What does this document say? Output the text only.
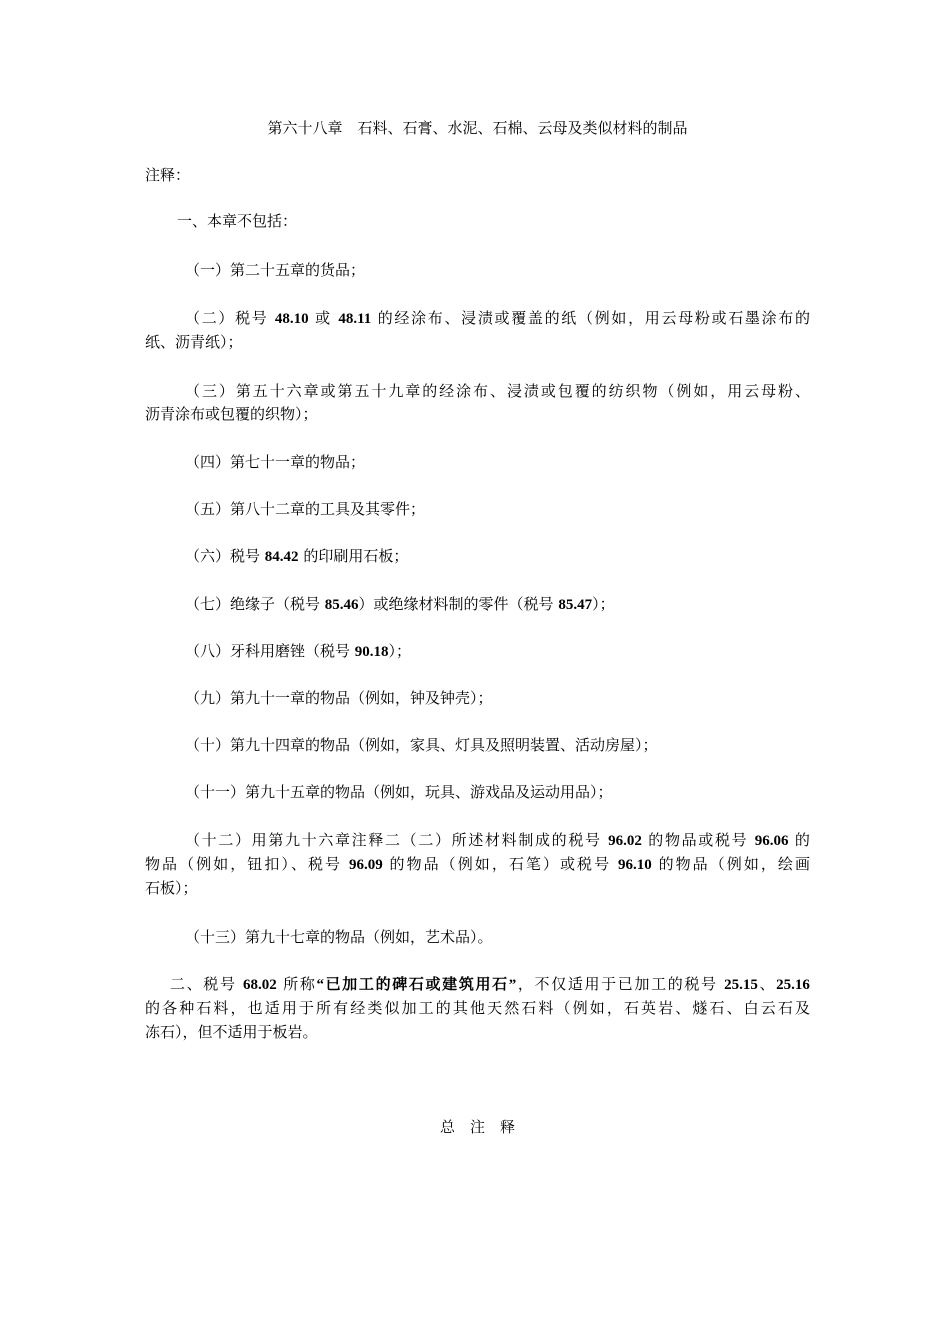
第六十八章　石料、石膏、水泥、石棉、云母及类似材料的制品
注释：
一、本章不包括：
（一）第二十五章的货品；
（二）税号 48.10 或 48.11 的经涂布、浸渍或覆盖的纸（例如，用云母粉或石墨涂布的
纸、沥青纸）；
（三）第五十六章或第五十九章的经涂布、浸渍或包覆的纺织物（例如，用云母粉、
沥青涂布或包覆的织物）；
（四）第七十一章的物品；
（五）第八十二章的工具及其零件；
（六）税号 84.42 的印刷用石板；
（七）绝缘子（税号 85.46）或绝缘材料制的零件（税号 85.47）；
（八）牙科用磨锉（税号 90.18）；
（九）第九十一章的物品（例如，钟及钟壳）；
（十）第九十四章的物品（例如，家具、灯具及照明装置、活动房屋）；
（十一）第九十五章的物品（例如，玩具、游戏品及运动用品）；
（十二）用第九十六章注释二（二）所述材料制成的税号 96.02 的物品或税号 96.06 的
物品（例如，钮扣）、税号 96.09 的物品（例如，石笔）或税号 96.10 的物品（例如，绘画
石板）；
（十三）第九十七章的物品（例如，艺术品）。
二、税号 68.02 所称“已加工的碑石或建筑用石”，不仅适用于已加工的税号 25.15、25.16
的各种石料，也适用于所有经类似加工的其他天然石料（例如，石英岩、燧石、白云石及
冻石），但不适用于板岩。
总　注　释
